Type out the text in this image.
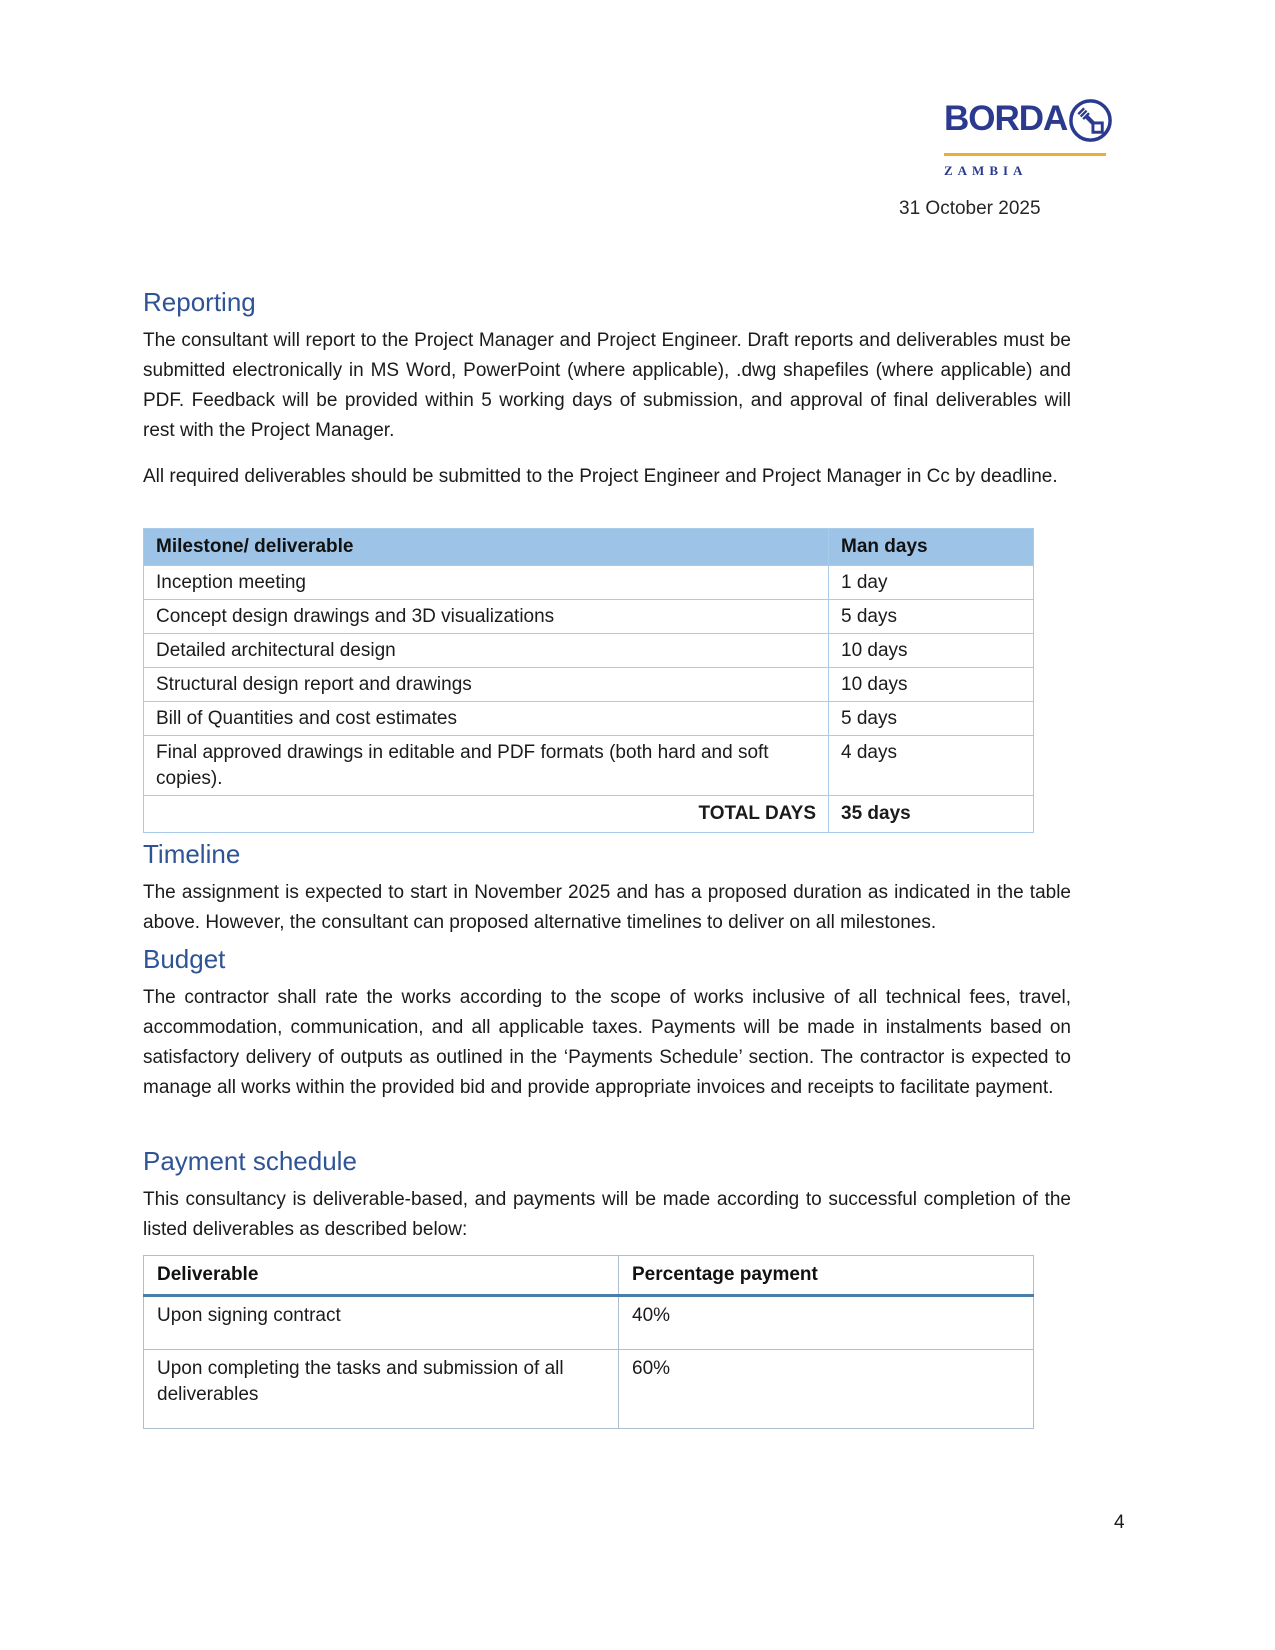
BORDA
ZAMBIA
31 October 2025
Reporting

The consultant will report to the Project Manager and Project Engineer. Draft reports and deliverables must be submitted electronically in MS Word, PowerPoint (where applicable), .dwg shapefiles (where applicable) and PDF. Feedback will be provided within 5 working days of submission, and approval of final deliverables will rest with the Project Manager.

All required deliverables should be submitted to the Project Engineer and Project Manager in Cc by deadline.

Milestone/ deliverable	Man days
Inception meeting	1 day
Concept design drawings and 3D visualizations	5 days
Detailed architectural design	10 days
Structural design report and drawings	10 days
Bill of Quantities and cost estimates	5 days
Final approved drawings in editable and PDF formats (both hard and soft copies).	4 days
TOTAL DAYS	35 days
Timeline

The assignment is expected to start in November 2025 and has a proposed duration as indicated in the table above. However, the consultant can proposed alternative timelines to deliver on all milestones.

Budget

The contractor shall rate the works according to the scope of works inclusive of all technical fees, travel, accommodation, communication, and all applicable taxes. Payments will be made in instalments based on satisfactory delivery of outputs as outlined in the ‘Payments Schedule’ section. The contractor is expected to manage all works within the provided bid and provide appropriate invoices and receipts to facilitate payment.

Payment schedule

This consultancy is deliverable-based, and payments will be made according to successful completion of the listed deliverables as described below:

Deliverable	Percentage payment
Upon signing contract	40%
Upon completing the tasks and submission of all deliverables	60%
4
